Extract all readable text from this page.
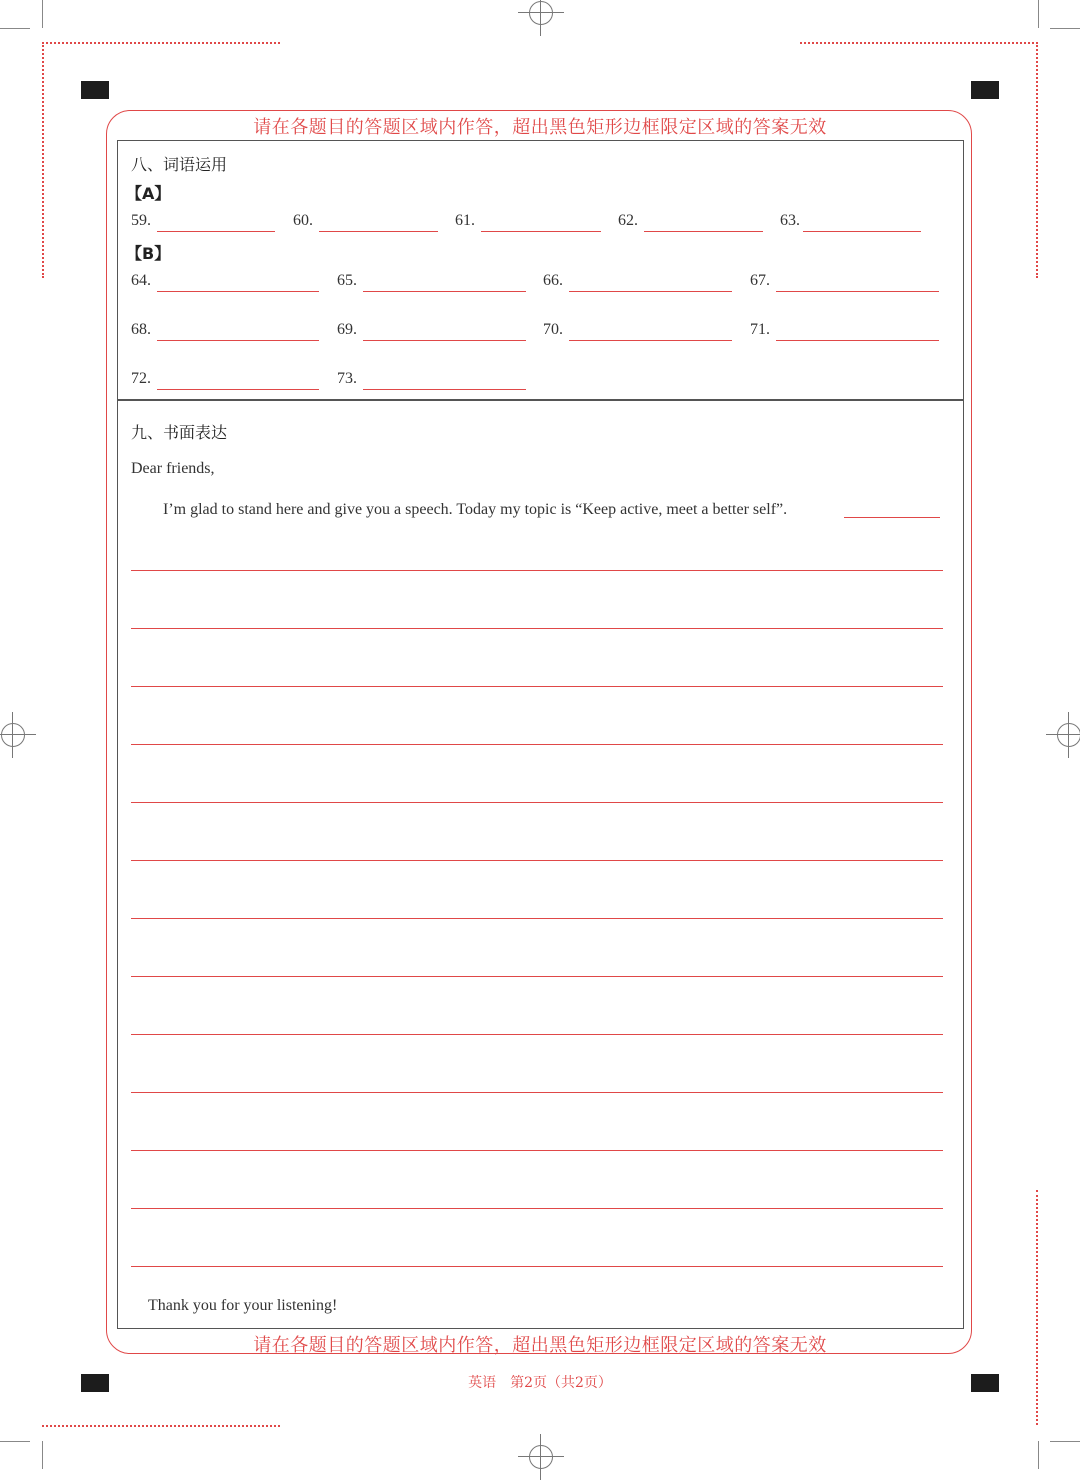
请在各题目的答题区域内作答，超出黑色矩形边框限定区域的答案无效
八、词语运用
【A】
59.	60.	61.	62.	63.
【B】
64.	65.	66.	67.
68.	69.	70.	71.
72.	73.
九、书面表达
Dear friends,
I’m glad to stand here and give you a speech. Today my topic is “Keep active, meet a better self”.
Thank you for your listening!
请在各题目的答题区域内作答，超出黑色矩形边框限定区域的答案无效
英语　第2页（共2页）
